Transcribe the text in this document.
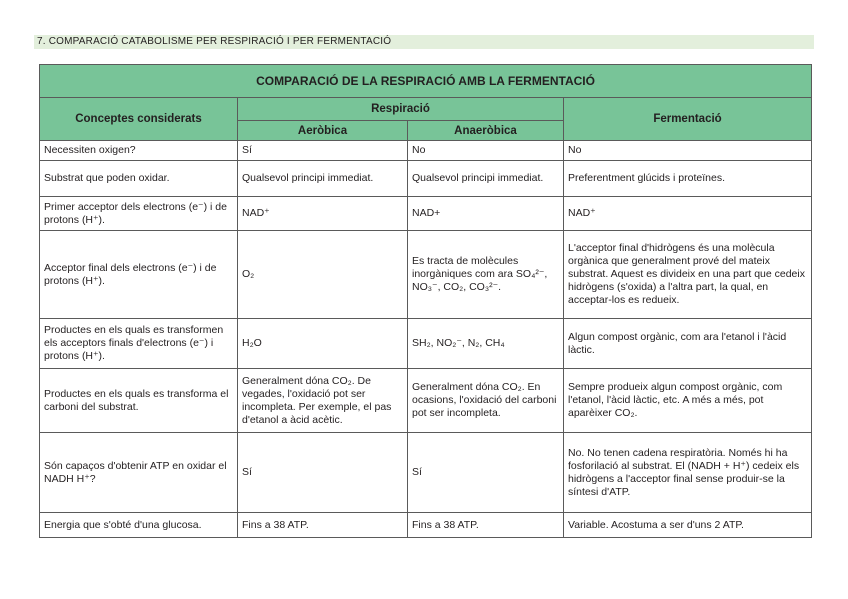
7. COMPARACIÓ CATABOLISME PER RESPIRACIÓ I PER FERMENTACIÓ
COMPARACIÓ DE LA RESPIRACIÓ AMB LA FERMENTACIÓ			
Conceptes considerats	Respiració		Fermentació
	Aeròbica	Anaeròbica	
Necessiten oxigen?	Sí	No	No
Substrat que poden oxidar.	Qualsevol principi immediat.	Qualsevol principi immediat.	Preferentment glúcids i proteïnes.
Primer acceptor dels electrons (e⁻) i de protons (H⁺).	NAD⁺	NAD+	NAD⁺
Acceptor final dels electrons (e⁻) i de protons (H⁺).	O₂	Es tracta de molècules inorgàniques com ara SO₄²⁻, NO₃⁻, CO₂, CO₃²⁻.	L'acceptor final d'hidrògens és una molècula orgànica que generalment prové del mateix substrat. Aquest es divideix en una part que cedeix hidrògens (s'oxida) a l'altra part, la qual, en acceptar-los es redueix.
Productes en els quals es transformen els acceptors finals d'electrons (e⁻) i protons (H⁺).	H₂O	SH₂, NO₂⁻, N₂, CH₄	Algun compost orgànic, com ara l'etanol i l'àcid làctic.
Productes en els quals es transforma el carboni del substrat.	Generalment dóna CO₂. De vegades, l'oxidació pot ser incompleta. Per exemple, el pas d'etanol a àcid acètic.	Generalment dóna CO₂. En ocasions, l'oxidació del carboni pot ser incompleta.	Sempre produeix algun compost orgànic, com l'etanol, l'àcid làctic, etc. A més a més, pot aparèixer CO₂.
Són capaços d'obtenir ATP en oxidar el NADH H⁺?	Sí	Sí	No. No tenen cadena respiratòria. Només hi ha fosforilació al substrat. El (NADH + H⁺) cedeix els hidrògens a l'acceptor final sense produir-se la síntesi d'ATP.
Energia que s'obté d'una glucosa.	Fins a 38 ATP.	Fins a 38 ATP.	Variable. Acostuma a ser d'uns 2 ATP.
